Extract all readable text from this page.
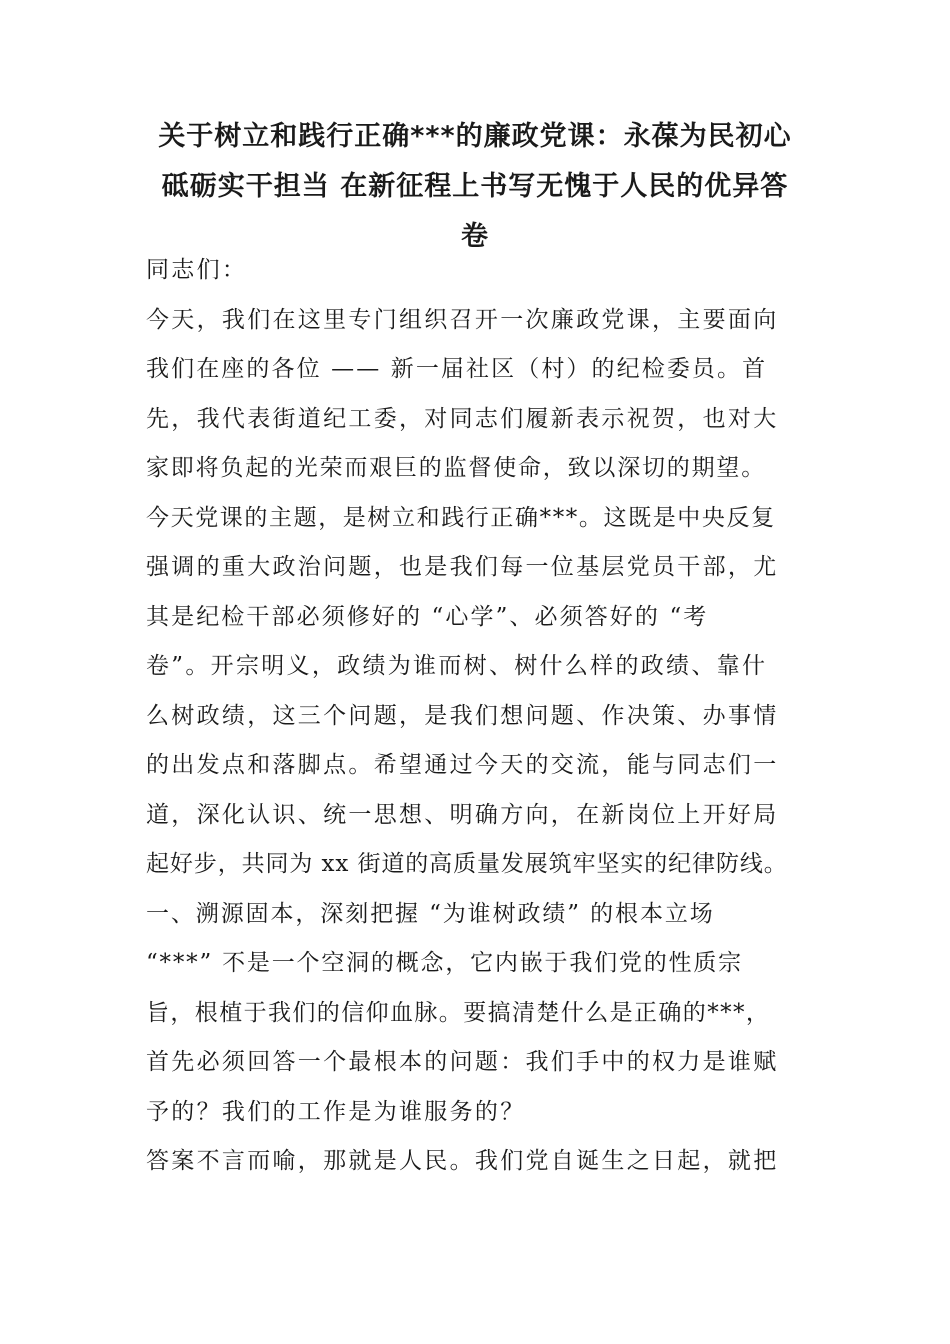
关于树立和践行正确***的廉政党课：永葆为民初心
砥砺实干担当 在新征程上书写无愧于人民的优异答
卷
同志们：
今天，我们在这里专门组织召开一次廉政党课，主要面向
我们在座的各位 —— 新一届社区（村）的纪检委员。首
先，我代表街道纪工委，对同志们履新表示祝贺，也对大
家即将负起的光荣而艰巨的监督使命，致以深切的期望。
今天党课的主题，是树立和践行正确***。这既是中央反复
强调的重大政治问题，也是我们每一位基层党员干部，尤
其是纪检干部必须修好的 “心学”、必须答好的 “考
卷”。开宗明义，政绩为谁而树、树什么样的政绩、靠什
么树政绩，这三个问题，是我们想问题、作决策、办事情
的出发点和落脚点。希望通过今天的交流，能与同志们一
道，深化认识、统一思想、明确方向，在新岗位上开好局
起好步，共同为 xx 街道的高质量发展筑牢坚实的纪律防线。
一、溯源固本，深刻把握 “为谁树政绩” 的根本立场
“***” 不是一个空洞的概念，它内嵌于我们党的性质宗
旨，根植于我们的信仰血脉。要搞清楚什么是正确的***，
首先必须回答一个最根本的问题：我们手中的权力是谁赋
予的？我们的工作是为谁服务的？
答案不言而喻，那就是人民。我们党自诞生之日起，就把
